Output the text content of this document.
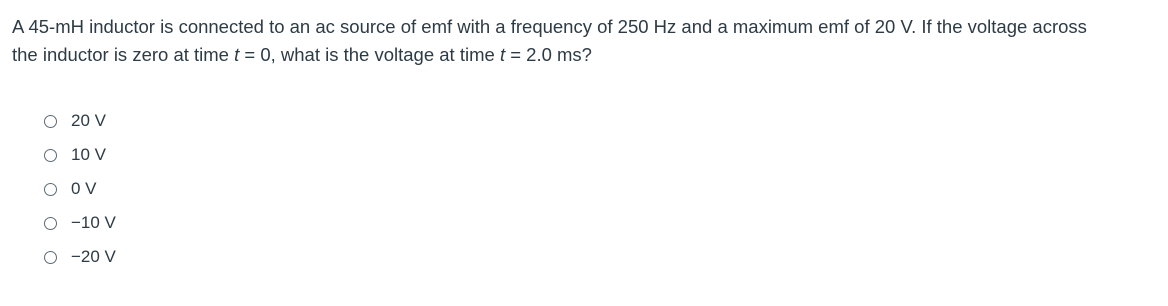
A 45-mH inductor is connected to an ac source of emf with a frequency of 250 Hz and a maximum emf of 20 V. If the voltage across
the inductor is zero at time t = 0, what is the voltage at time t = 2.0 ms?
20 V
10 V
0 V
−10 V
−20 V
